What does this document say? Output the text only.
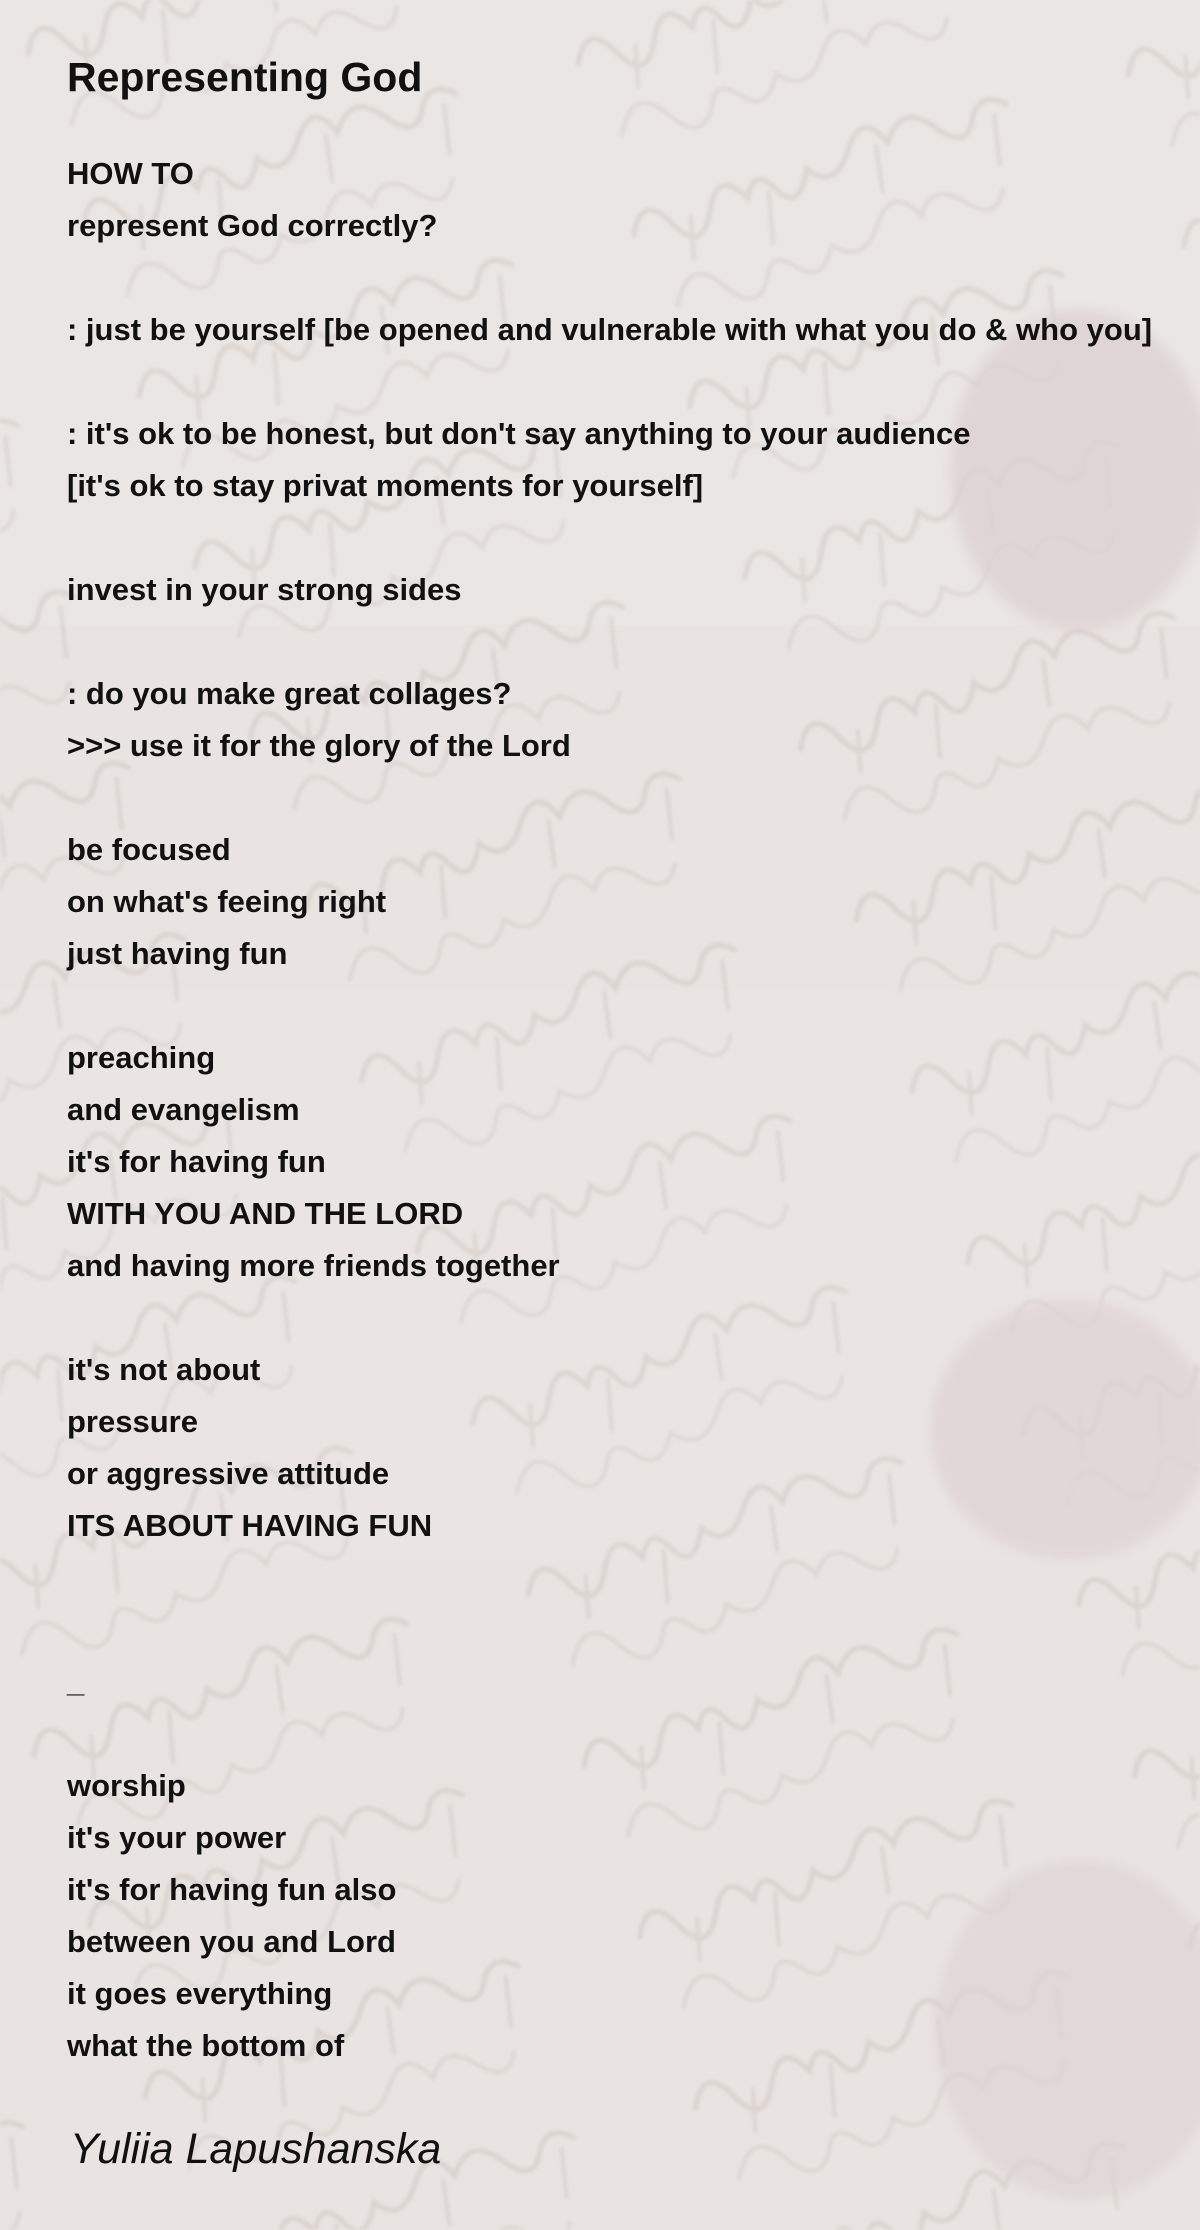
Representing God
HOW TO
represent God correctly?
: just be yourself [be opened and vulnerable with what you do & who you]
: it's ok to be honest, but don't say anything to your audience
[it's ok to stay privat moments for yourself]
invest in your strong sides
: do you make great collages?
>>> use it for the glory of the Lord
be focused
on what's feeing right
just having fun
preaching
and evangelism
it's for having fun
WITH YOU AND THE LORD
and having more friends together
it's not about
pressure
or aggressive attitude
ITS ABOUT HAVING FUN
_
worship
it's your power
it's for having fun also
between you and Lord
it goes everything
what the bottom of
Yuliia Lapushanska
